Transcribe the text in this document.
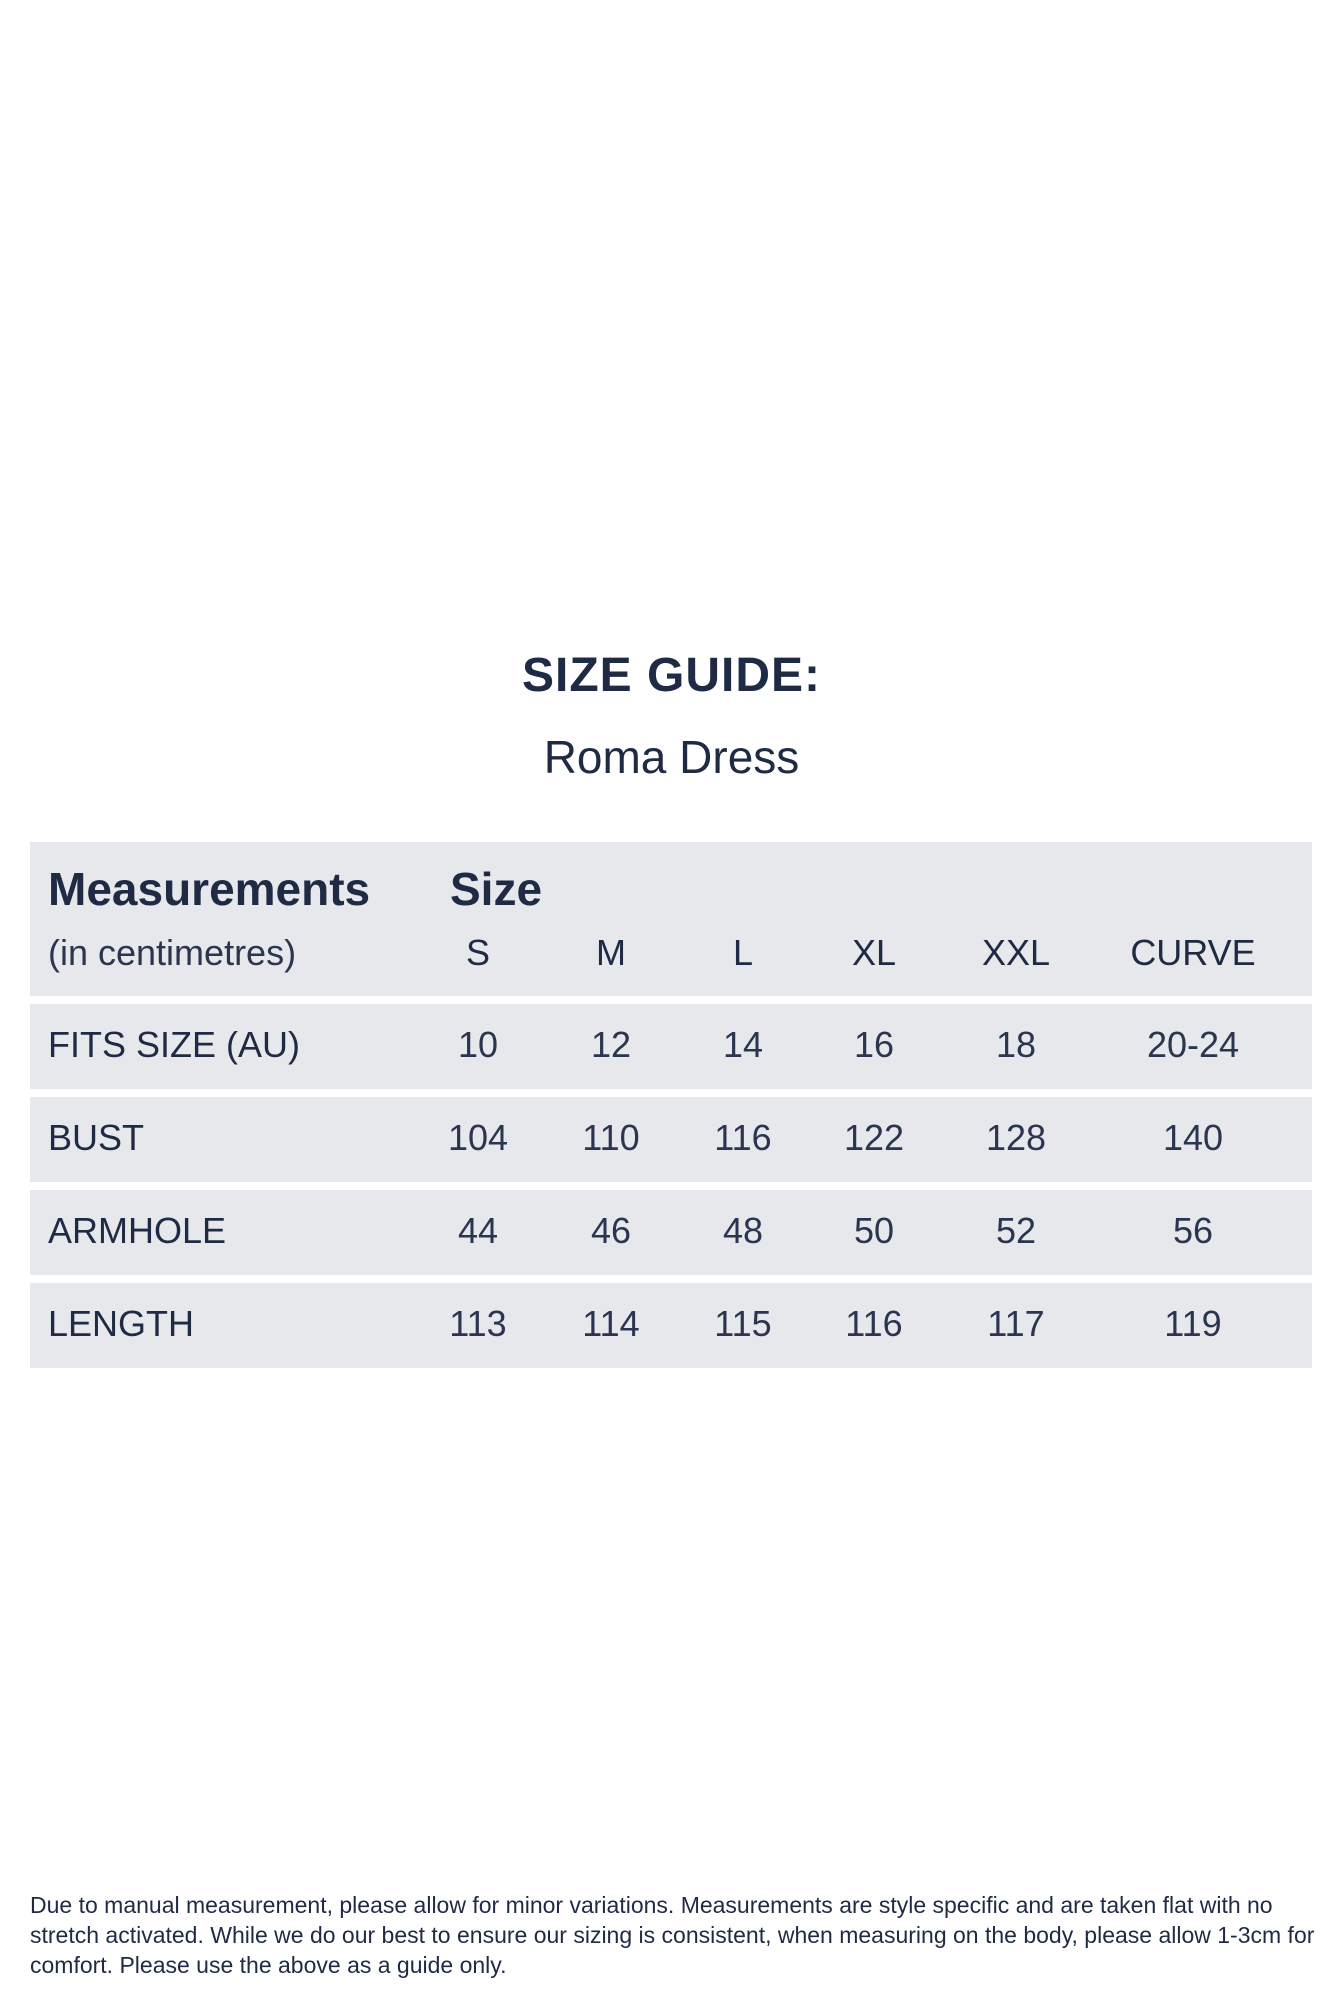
SIZE GUIDE:
Roma Dress
Measurements
(in centimetres)
Size
S	M	L	XL	XXL	CURVE
FITS SIZE (AU)	10	12	14	16	18	20-24
BUST	104	110	116	122	128	140
ARMHOLE	44	46	48	50	52	56
LENGTH	113	114	115	116	117	119
Due to manual measurement, please allow for minor variations. Measurements are style specific and are taken flat with no stretch activated. While we do our best to ensure our sizing is consistent, when measuring on the body, please allow 1-3cm for comfort. Please use the above as a guide only.
